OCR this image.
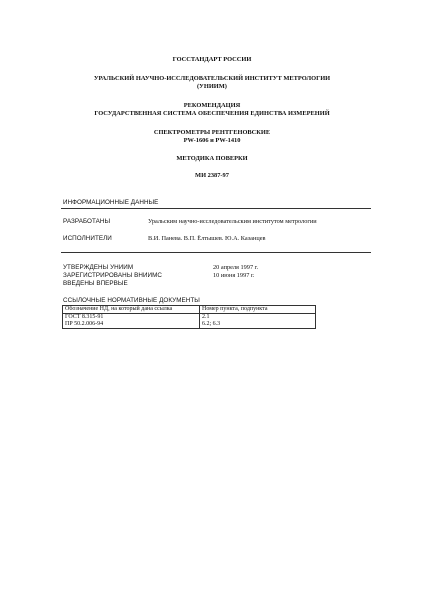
ГОССТАНДАРТ РОССИИ
УРАЛЬСКИЙ НАУЧНО-ИССЛЕДОВАТЕЛЬСКИЙ ИНСТИТУТ МЕТРОЛОГИИ
(УНИИМ)
РЕКОМЕНДАЦИЯ
ГОСУДАРСТВЕННАЯ СИСТЕМА ОБЕСПЕЧЕНИЯ ЕДИНСТВА ИЗМЕРЕНИЙ
СПЕКТРОМЕТРЫ РЕНТГЕНОВСКИЕ
PW-1606 и PW-1410
МЕТОДИКА ПОВЕРКИ
МИ 2387-97
ИНФОРМАЦИОННЫЕ ДАННЫЕ
РАЗРАБОТАНЫ	Уральским научно-исследовательским институтом метрологии
ИСПОЛНИТЕЛИ	В.И. Панева. В.П. Ёлтышев. Ю.А. Казанцев
УТВЕРЖДЕНЫ УНИИМ	20 апреля 1997 г.
ЗАРЕГИСТРИРОВАНЫ ВНИИМС	10 июня 1997 г.
ВВЕДЕНЫ ВПЕРВЫЕ
ССЫЛОЧНЫЕ НОРМАТИВНЫЕ ДОКУМЕНТЫ
Обозначение НД, на который дана ссылка	Номер пункта, подпункта
ГОСТ 8.315-91	2.1
ПР 50.2.006-94	6.2; 6.3
